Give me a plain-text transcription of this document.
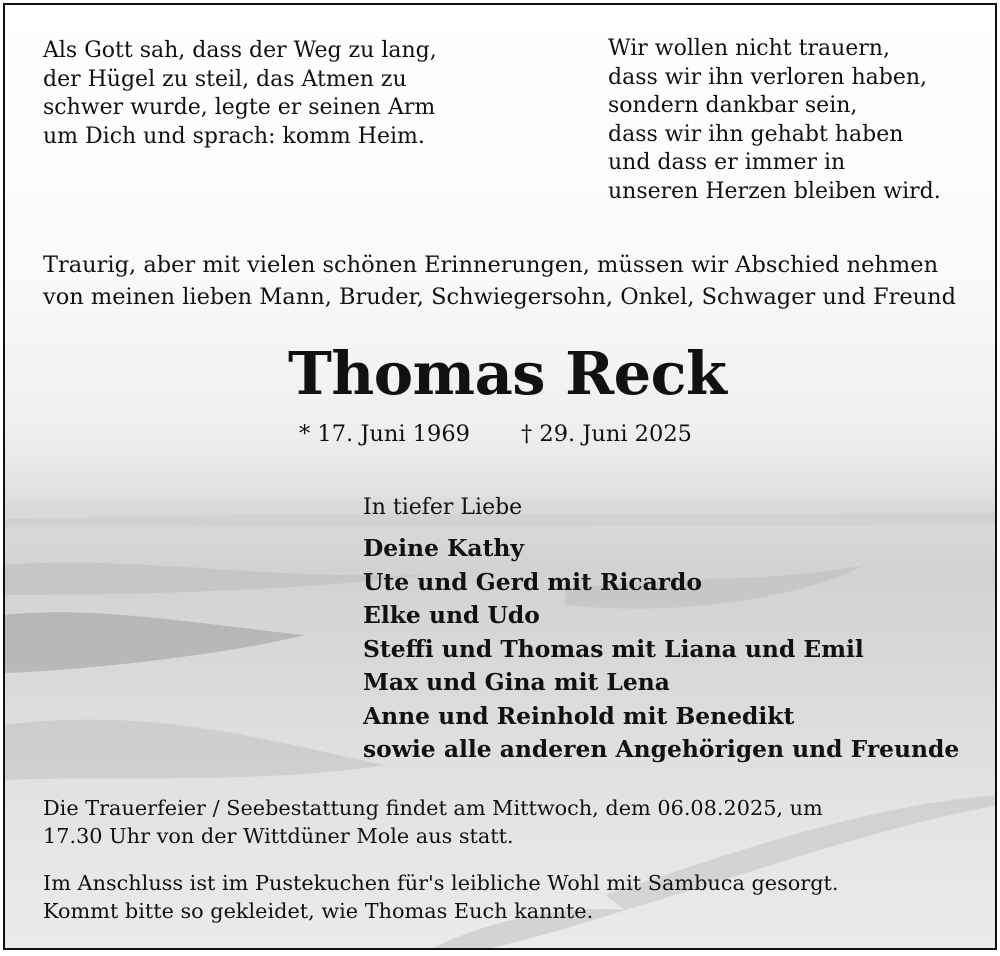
Als Gott sah, dass der Weg zu lang,
der Hügel zu steil, das Atmen zu
schwer wurde, legte er seinen Arm
um Dich und sprach: komm Heim.

Wir wollen nicht trauern,
dass wir ihn verloren haben,
sondern dankbar sein,
dass wir ihn gehabt haben
und dass er immer in
unseren Herzen bleiben wird.

Traurig, aber mit vielen schönen Erinnerungen, müssen wir Abschied nehmen
von meinen lieben Mann, Bruder, Schwiegersohn, Onkel, Schwager und Freund

Thomas Reck
* 17. Juni 1969 † 29. Juni 2025
In tiefer Liebe

Deine Kathy
Ute und Gerd mit Ricardo
Elke und Udo
Steffi und Thomas mit Liana und Emil
Max und Gina mit Lena
Anne und Reinhold mit Benedikt
sowie alle anderen Angehörigen und Freunde

Die Trauerfeier / Seebestattung findet am Mittwoch, dem 06.08.2025, um
17.30 Uhr von der Wittdüner Mole aus statt.

Im Anschluss ist im Pustekuchen für's leibliche Wohl mit Sambuca gesorgt.
Kommt bitte so gekleidet, wie Thomas Euch kannte.
